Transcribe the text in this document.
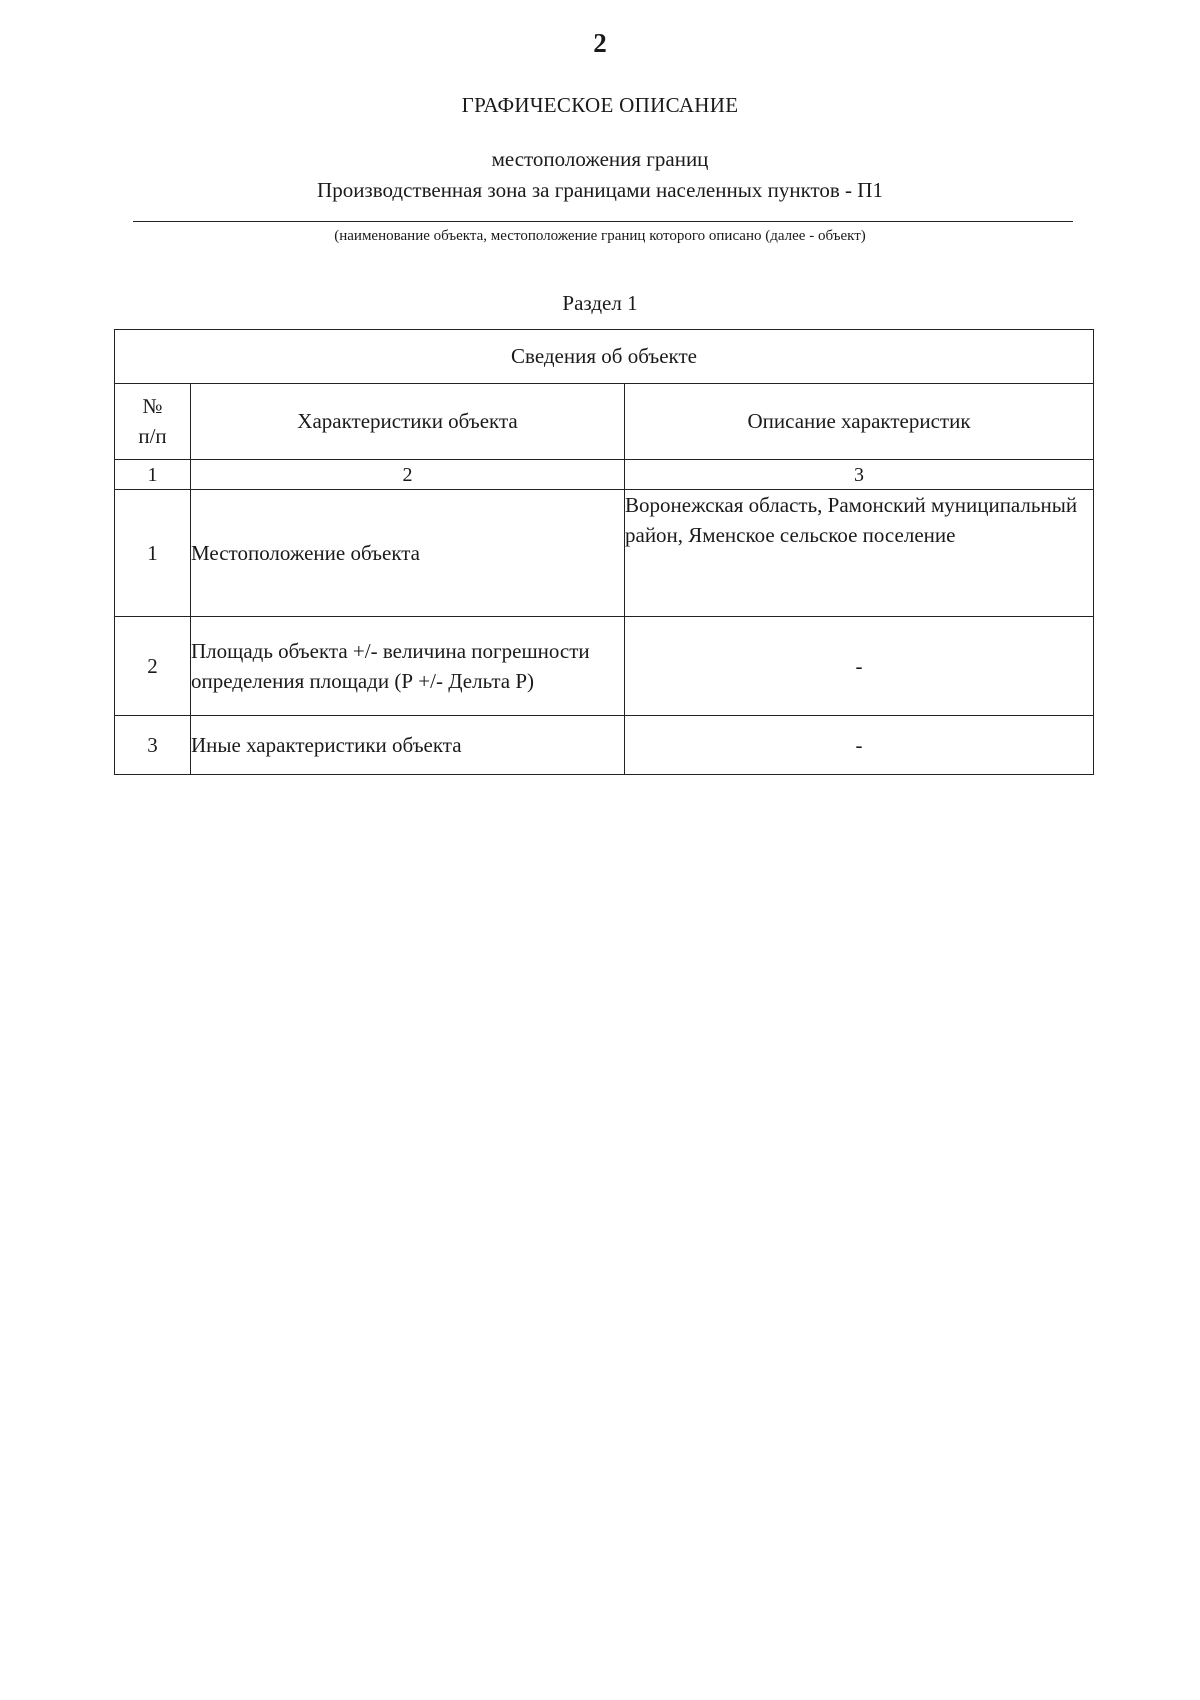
2
ГРАФИЧЕСКОЕ ОПИСАНИЕ
местоположения границ
Производственная зона за границами населенных пунктов - П1
(наименование объекта, местоположение границ которого описано (далее - объект)
Раздел 1
Сведения об объекте		

№
п/п	Характеристики объекта	Описание характеристик
1	2	3
1	Местоположение объекта	Воронежская область, Рамонский муниципальный район, Яменское сельское поселение
2	Площадь объекта +/- величина погрешности определения площади (Р +/- Дельта Р)	-
3	Иные характеристики объекта	-
